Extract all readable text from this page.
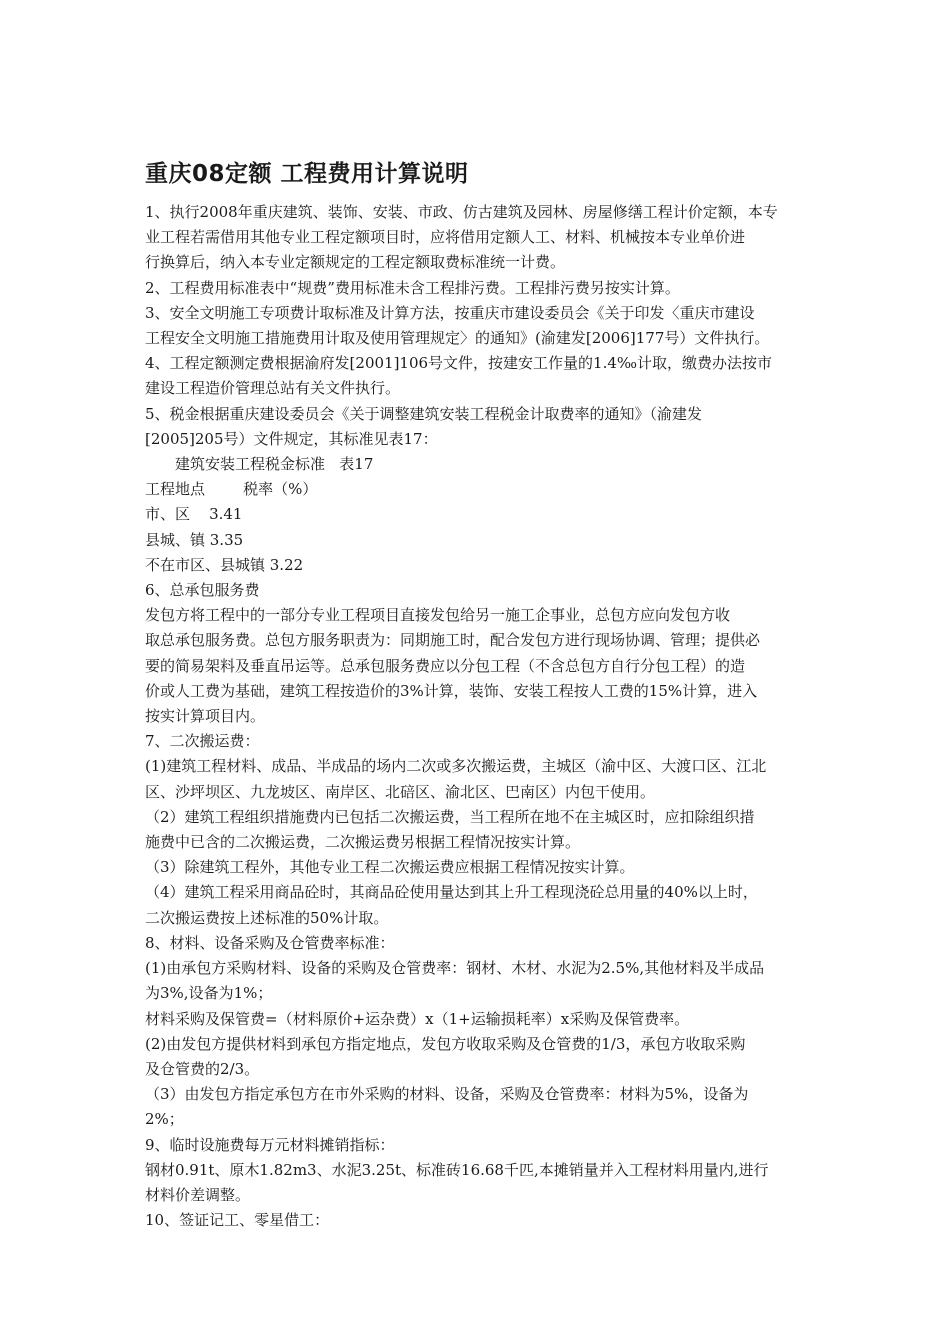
重庆08定额 工程费用计算说明

1、执行2008年重庆建筑、装饰、安装、市政、仿古建筑及园林、房屋修缮工程计价定额，本专

业工程若需借用其他专业工程定额项目时，应将借用定额人工、材料、机械按本专业单价进

行换算后，纳入本专业定额规定的工程定额取费标准统一计费。

2、工程费用标准表中“规费”费用标准未含工程排污费。工程排污费另按实计算。

3、安全文明施工专项费计取标准及计算方法，按重庆市建设委员会《关于印发〈重庆市建设

工程安全文明施工措施费用计取及使用管理规定〉的通知》(渝建发[2006]177号）文件执行。

4、工程定额测定费根据渝府发[2001]106号文件，按建安工作量的1.4‰计取，缴费办法按市

建设工程造价管理总站有关文件执行。

5、税金根据重庆建设委员会《关于调整建筑安装工程税金计取费率的通知》（渝建发

[2005]205号）文件规定，其标准见表17：

建筑安装工程税金标准   表17

工程地点        税率（%）

市、区    3.41

县城、镇 3.35

不在市区、县城镇 3.22

6、总承包服务费

发包方将工程中的一部分专业工程项目直接发包给另一施工企事业，总包方应向发包方收

取总承包服务费。总包方服务职责为：同期施工时，配合发包方进行现场协调、管理；提供必

要的简易架料及垂直吊运等。总承包服务费应以分包工程（不含总包方自行分包工程）的造

价或人工费为基础，建筑工程按造价的3%计算，装饰、安装工程按人工费的15%计算，进入

按实计算项目内。

7、二次搬运费：

(1)建筑工程材料、成品、半成品的场内二次或多次搬运费，主城区（渝中区、大渡口区、江北

区、沙坪坝区、九龙坡区、南岸区、北碚区、渝北区、巴南区）内包干使用。

（2）建筑工程组织措施费内已包括二次搬运费，当工程所在地不在主城区时，应扣除组织措

施费中已含的二次搬运费，二次搬运费另根据工程情况按实计算。

（3）除建筑工程外，其他专业工程二次搬运费应根据工程情况按实计算。

（4）建筑工程采用商品砼时，其商品砼使用量达到其上升工程现浇砼总用量的40%以上时，

二次搬运费按上述标准的50%计取。

8、材料、设备采购及仓管费率标准：

(1)由承包方采购材料、设备的采购及仓管费率：钢材、木材、水泥为2.5%,其他材料及半成品

为3%,设备为1%；

材料采购及保管费=（材料原价+运杂费）x（1+运输损耗率）x采购及保管费率。

(2)由发包方提供材料到承包方指定地点，发包方收取采购及仓管费的1/3，承包方收取采购

及仓管费的2/3。

（3）由发包方指定承包方在市外采购的材料、设备，采购及仓管费率：材料为5%，设备为

2%；

9、临时设施费每万元材料摊销指标：

钢材0.91t、原木1.82m3、水泥3.25t、标准砖16.68千匹,本摊销量并入工程材料用量内,进行

材料价差调整。

10、签证记工、零星借工：
